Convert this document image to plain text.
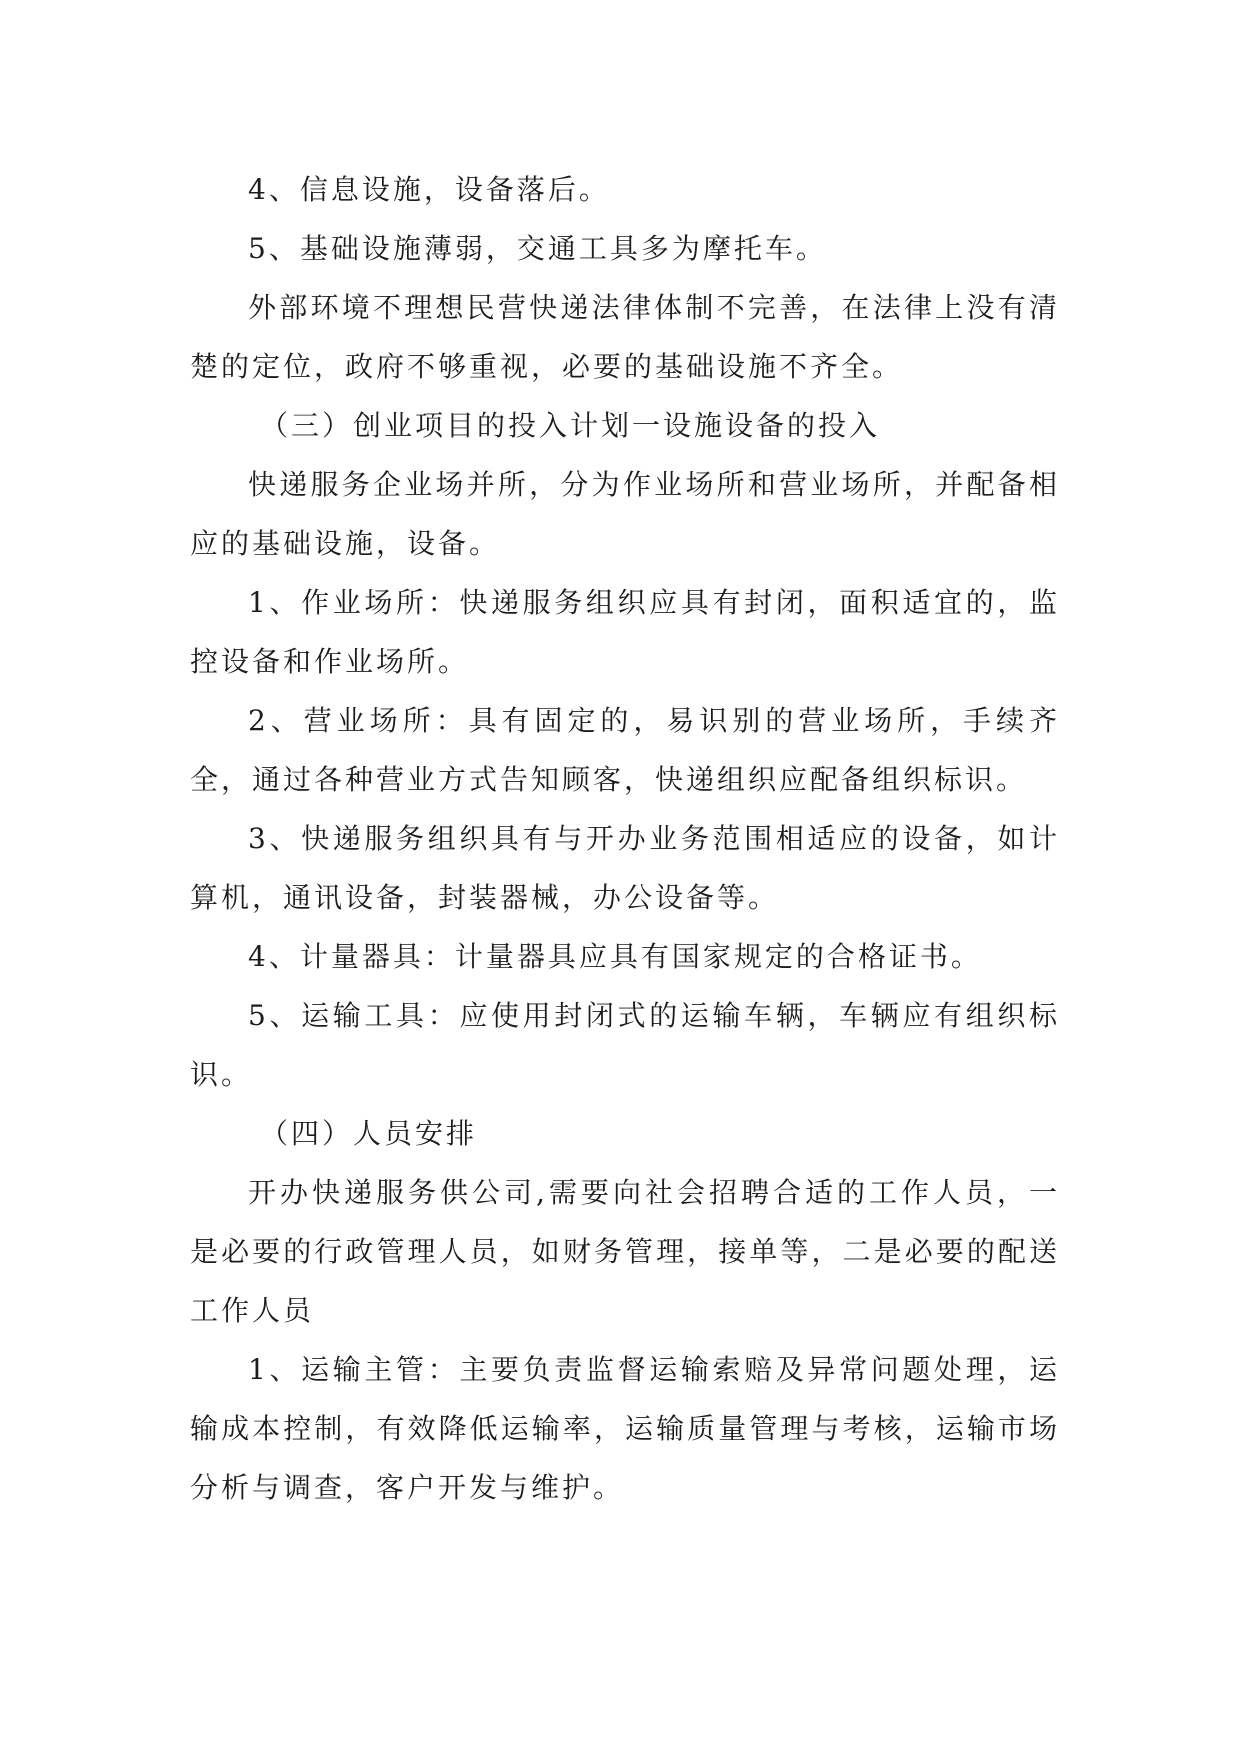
4、信息设施，设备落后。

5、基础设施薄弱，交通工具多为摩托车。

外部环境不理想民营快递法律体制不完善，在法律上没有清楚的定位，政府不够重视，必要的基础设施不齐全。

（三）创业项目的投入计划一设施设备的投入

快递服务企业场并所，分为作业场所和营业场所，并配备相应的基础设施，设备。

1、作业场所：快递服务组织应具有封闭，面积适宜的，监控设备和作业场所。

2、营业场所：具有固定的，易识别的营业场所，手续齐全，通过各种营业方式告知顾客，快递组织应配备组织标识。

3、快递服务组织具有与开办业务范围相适应的设备，如计算机，通讯设备，封装器械，办公设备等。

4、计量器具：计量器具应具有国家规定的合格证书。

5、运输工具：应使用封闭式的运输车辆，车辆应有组织标识。

（四）人员安排

开办快递服务供公司,需要向社会招聘合适的工作人员，一是必要的行政管理人员，如财务管理，接单等，二是必要的配送工作人员

1、运输主管：主要负责监督运输索赔及异常问题处理，运输成本控制，有效降低运输率，运输质量管理与考核，运输市场分析与调查，客户开发与维护。
